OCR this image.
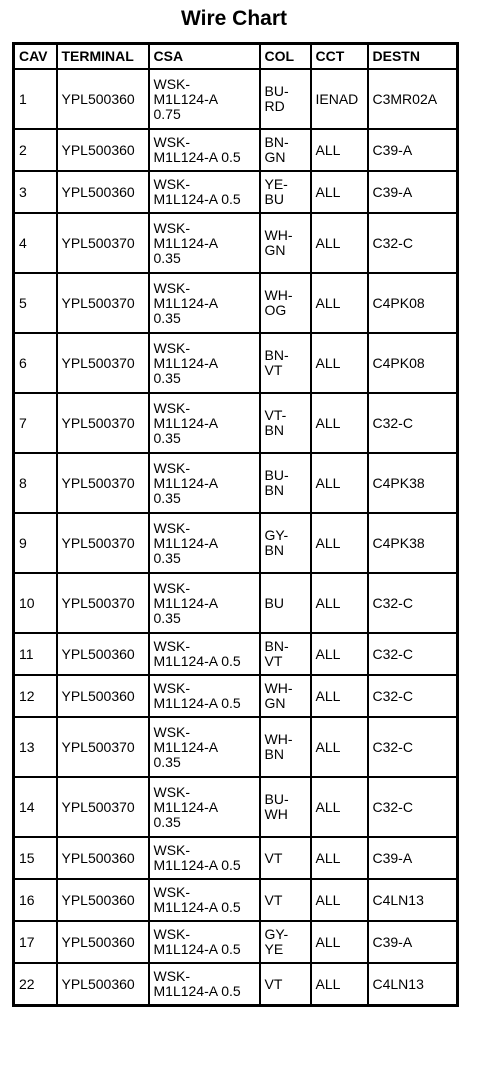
Wire Chart
CAV	TERMINAL	CSA	COL	CCT	DESTN
1	YPL500360	WSK-
M1L124-A
0.75	BU-
RD	IENAD	C3MR02A
2	YPL500360	WSK-
M1L124-A 0.5	BN-
GN	ALL	C39-A
3	YPL500360	WSK-
M1L124-A 0.5	YE-
BU	ALL	C39-A
4	YPL500370	WSK-
M1L124-A
0.35	WH-
GN	ALL	C32-C
5	YPL500370	WSK-
M1L124-A
0.35	WH-
OG	ALL	C4PK08
6	YPL500370	WSK-
M1L124-A
0.35	BN-
VT	ALL	C4PK08
7	YPL500370	WSK-
M1L124-A
0.35	VT-
BN	ALL	C32-C
8	YPL500370	WSK-
M1L124-A
0.35	BU-
BN	ALL	C4PK38
9	YPL500370	WSK-
M1L124-A
0.35	GY-
BN	ALL	C4PK38
10	YPL500370	WSK-
M1L124-A
0.35	BU	ALL	C32-C
11	YPL500360	WSK-
M1L124-A 0.5	BN-
VT	ALL	C32-C
12	YPL500360	WSK-
M1L124-A 0.5	WH-
GN	ALL	C32-C
13	YPL500370	WSK-
M1L124-A
0.35	WH-
BN	ALL	C32-C
14	YPL500370	WSK-
M1L124-A
0.35	BU-
WH	ALL	C32-C
15	YPL500360	WSK-
M1L124-A 0.5	VT	ALL	C39-A
16	YPL500360	WSK-
M1L124-A 0.5	VT	ALL	C4LN13
17	YPL500360	WSK-
M1L124-A 0.5	GY-
YE	ALL	C39-A
22	YPL500360	WSK-
M1L124-A 0.5	VT	ALL	C4LN13
